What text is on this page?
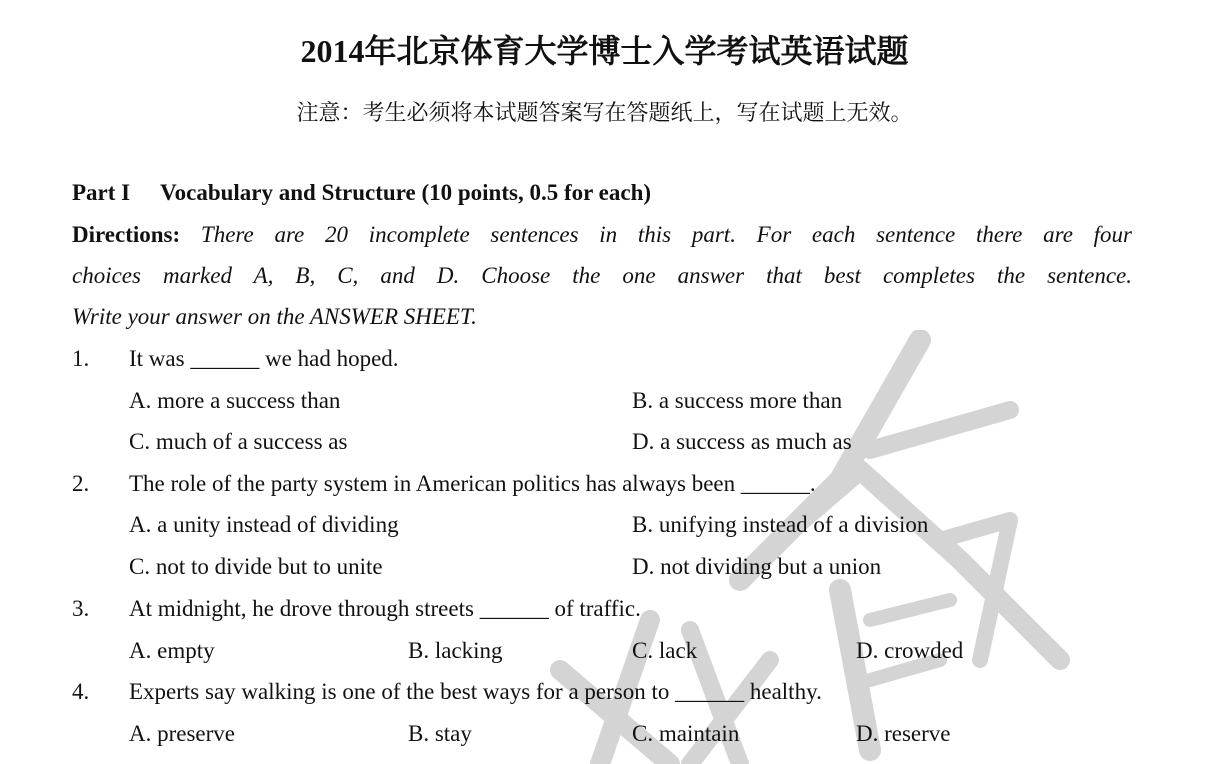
2014年北京体育大学博士入学考试英语试题
注意：考生必须将本试题答案写在答题纸上，写在试题上无效。
Part I Vocabulary and Structure (10 points, 0.5 for each)
Directions: There are 20 incomplete sentences in this part. For each sentence there are four
choices marked A, B, C, and D. Choose the one answer that best completes the sentence.
Write your answer on the ANSWER SHEET.
1. It was ______ we had hoped.
A. more a success than	B. a success more than
C. much of a success as	D. a success as much as
2. The role of the party system in American politics has always been ______.
A. a unity instead of dividing	B. unifying instead of a division
C. not to divide but to unite	D. not dividing but a union
3. At midnight, he drove through streets ______ of traffic.
A. empty	B. lacking	C. lack	D. crowded
4. Experts say walking is one of the best ways for a person to ______ healthy.
A. preserve	B. stay	C. maintain	D. reserve
